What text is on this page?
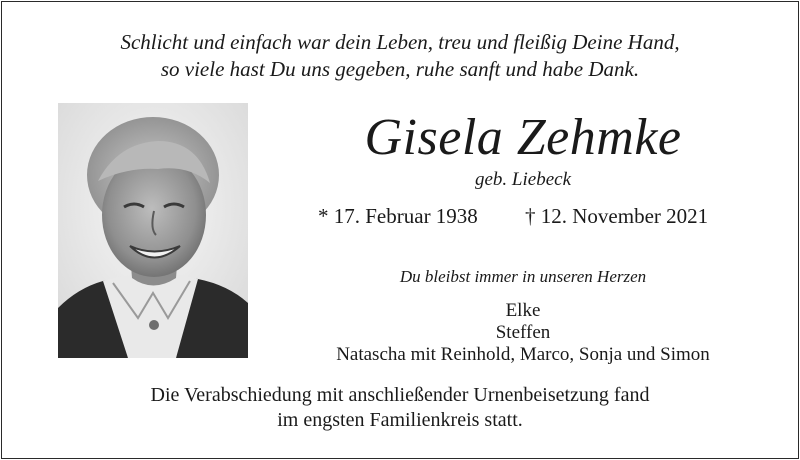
Schlicht und einfach war dein Leben, treu und fleißig Deine Hand,
so viele hast Du uns gegeben, ruhe sanft und habe Dank.
Gisela Zehmke
geb. Liebeck
* 17. Februar 1938 † 12. November 2021
Du bleibst immer in unseren Herzen
Elke
Steffen
Natascha mit Reinhold, Marco, Sonja und Simon
Die Verabschiedung mit anschließender Urnenbeisetzung fand
im engsten Familienkreis statt.
